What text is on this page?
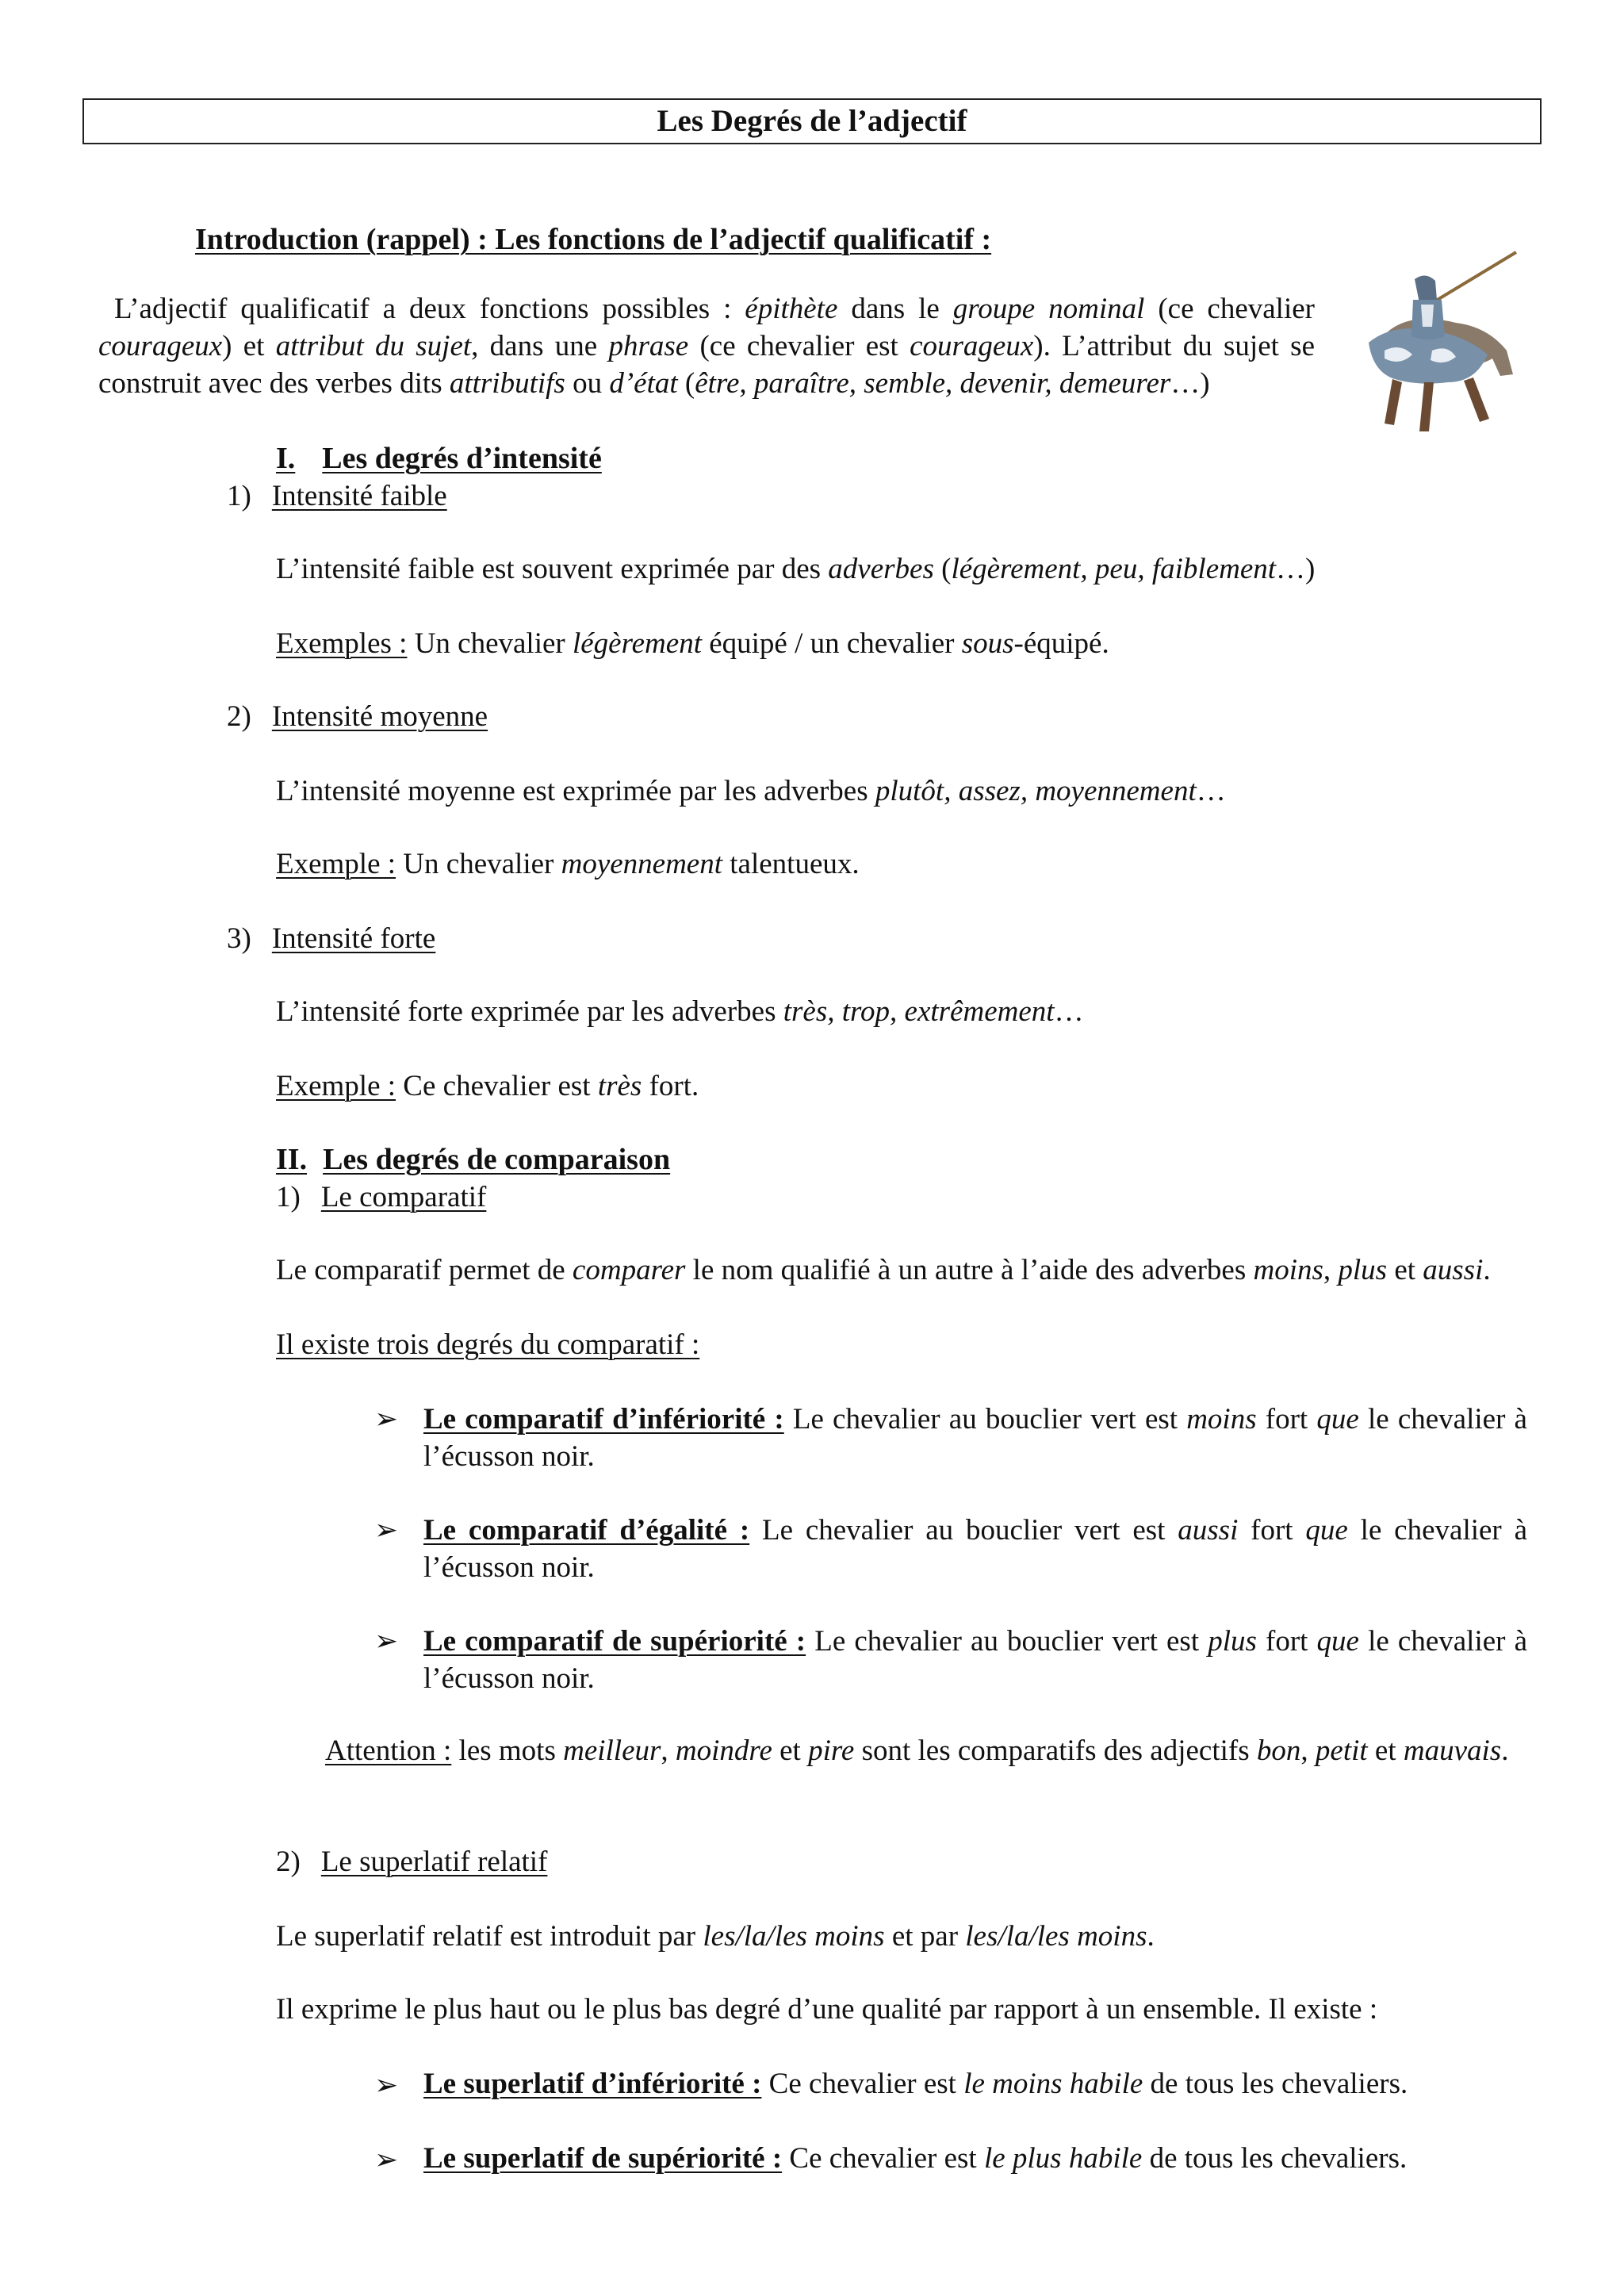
Les Degrés de l’adjectif
Introduction (rappel) : Les fonctions de l’adjectif qualificatif :
L’adjectif qualificatif a deux fonctions possibles : épithète dans le groupe nominal (ce chevalier courageux) et attribut du sujet, dans une phrase (ce chevalier est courageux). L’attribut du sujet se construit avec des verbes dits attributifs ou d’état (être, paraître, semble, devenir, demeurer…)
I. Les degrés d’intensité
1) Intensité faible
L’intensité faible est souvent exprimée par des adverbes (légèrement, peu, faiblement…)
Exemples : Un chevalier légèrement équipé / un chevalier sous-équipé.
2) Intensité moyenne
L’intensité moyenne est exprimée par les adverbes plutôt, assez, moyennement…
Exemple : Un chevalier moyennement talentueux.
3) Intensité forte
L’intensité forte exprimée par les adverbes très, trop, extrêmement…
Exemple : Ce chevalier est très fort.
II. Les degrés de comparaison
1) Le comparatif
Le comparatif permet de comparer le nom qualifié à un autre à l’aide des adverbes moins, plus et aussi.
Il existe trois degrés du comparatif :
➢ Le comparatif d’infériorité : Le chevalier au bouclier vert est moins fort que le chevalier à l’écusson noir.
➢ Le comparatif d’égalité : Le chevalier au bouclier vert est aussi fort que le chevalier à l’écusson noir.
➢ Le comparatif de supériorité : Le chevalier au bouclier vert est plus fort que le chevalier à l’écusson noir.
Attention : les mots meilleur, moindre et pire sont les comparatifs des adjectifs bon, petit et mauvais.
2) Le superlatif relatif
Le superlatif relatif est introduit par les/la/les moins et par les/la/les moins.
Il exprime le plus haut ou le plus bas degré d’une qualité par rapport à un ensemble. Il existe :
➢ Le superlatif d’infériorité : Ce chevalier est le moins habile de tous les chevaliers.
➢ Le superlatif de supériorité : Ce chevalier est le plus habile de tous les chevaliers.
